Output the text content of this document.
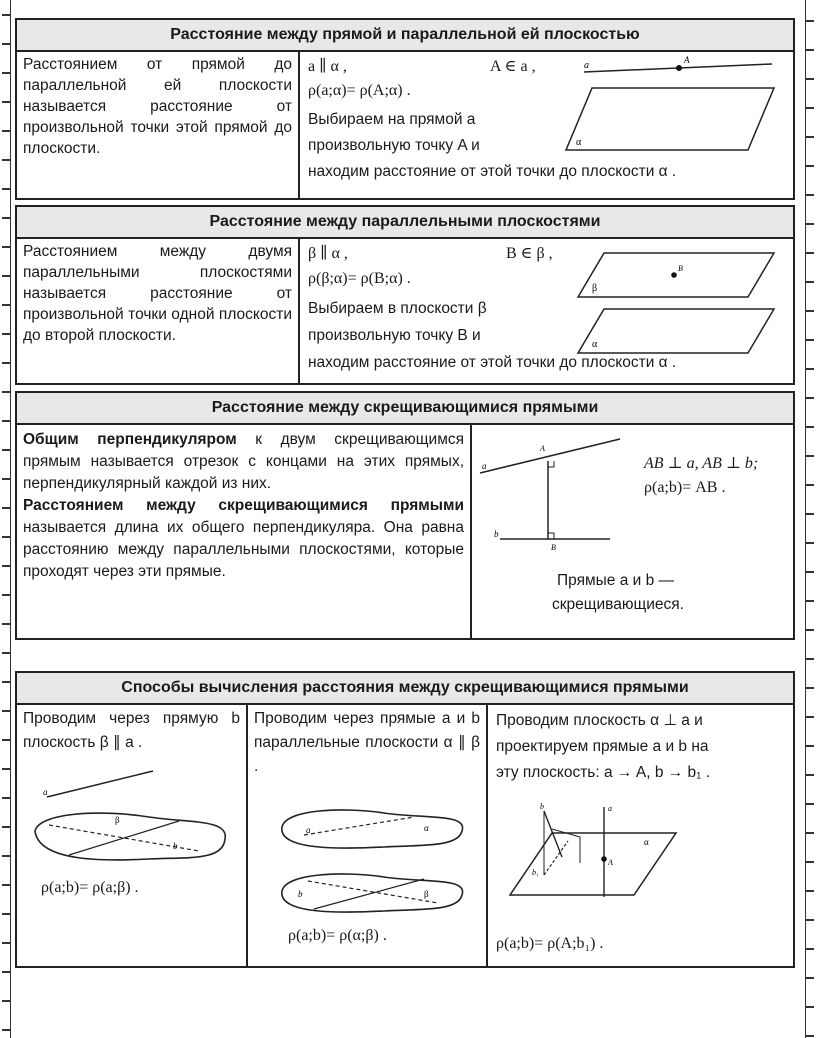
Расстояние между прямой и параллельной ей плоскостью
Расстоянием от прямой до параллельной ей плоскости называется расстояние от произвольной точки этой прямой до плоскости.
a ∥ α ,	A ∈ a ,
ρ(a;α)= ρ(A;α) .
Выбираем на прямой a
произвольную точку A и
находим расстояние от этой точки до плоскости α .
a	A
α
Расстояние между параллельными плоскостями
Расстоянием между двумя параллельными плоскостями называется расстояние от произвольной точки одной плоскости до второй плоскости.
β ∥ α ,	B ∈ β ,
ρ(β;α)= ρ(B;α) .
Выбираем в плоскости β
произвольную точку B и
находим расстояние от этой точки до плоскости α .
β
B
α
Расстояние между скрещивающимися прямыми
Общим перпендикуляром к двум скрещивающимся прямым называется отрезок с концами на этих прямых, перпендикулярный каждой из них.
Расстоянием между скрещивающимися прямыми называется длина их общего перпендикуляра. Она равна расстоянию между параллельными плоскостями, которые проходят через эти прямые.
a
b
A
B
AB ⊥ a, AB ⊥ b;
ρ(a;b)= AB .
Прямые a и b —
скрещивающиеся.
Способы вычисления расстояния между скрещивающимися прямыми
Проводим через прямую b плоскость β ∥ a .
a
β
b
ρ(a;b)= ρ(a;β) .
Проводим через прямые a и b параллельные плоскости α ∥ β .
a	α
b	β
ρ(a;b)= ρ(α;β) .
Проводим плоскость α ⊥ a и
проектируем прямые a и b на
эту плоскость: a → A, b → b₁ .
b	a
A
b₁
α
ρ(a;b)= ρ(A;b₁) .
